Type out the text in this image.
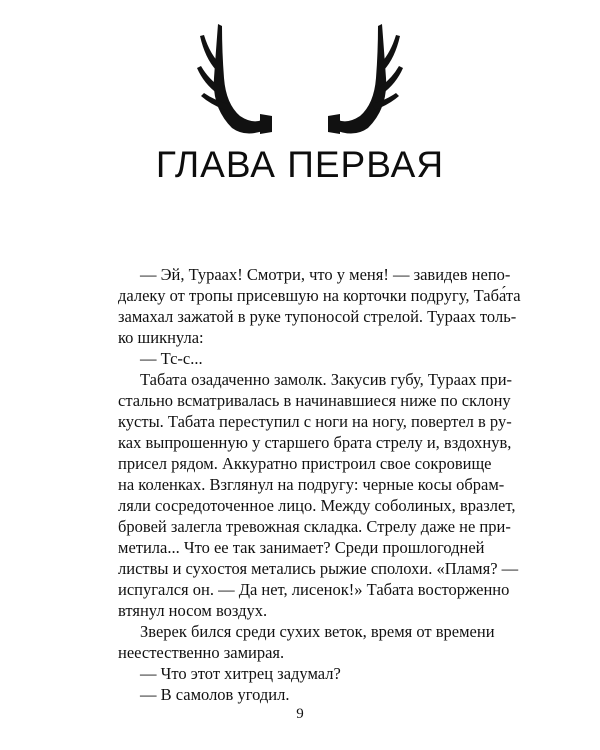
ГЛАВА ПЕРВАЯ
— Эй, Тураах! Смотри, что у меня! — завидев непо-
далеку от тропы присевшую на корточки подругу, Таба́та
замахал зажатой в руке тупоносой стрелой. Тураах толь-
ко шикнула:
— Тс-с...
Табата озадаченно замолк. Закусив губу, Тураах при-
стально всматривалась в начинавшиеся ниже по склону
кусты. Табата переступил с ноги на ногу, повертел в ру-
ках выпрошенную у старшего брата стрелу и, вздохнув,
присел рядом. Аккуратно пристроил свое сокровище
на коленках. Взглянул на подругу: черные косы обрам-
ляли сосредоточенное лицо. Между соболиных, вразлет,
бровей залегла тревожная складка. Стрелу даже не при-
метила... Что ее так занимает? Среди прошлогодней
листвы и сухостоя метались рыжие сполохи. «Пламя? —
испугался он. — Да нет, лисенок!» Табата восторженно
втянул носом воздух.
Зверек бился среди сухих веток, время от времени
неестественно замирая.
— Что этот хитрец задумал?
— В самолов угодил.
9
